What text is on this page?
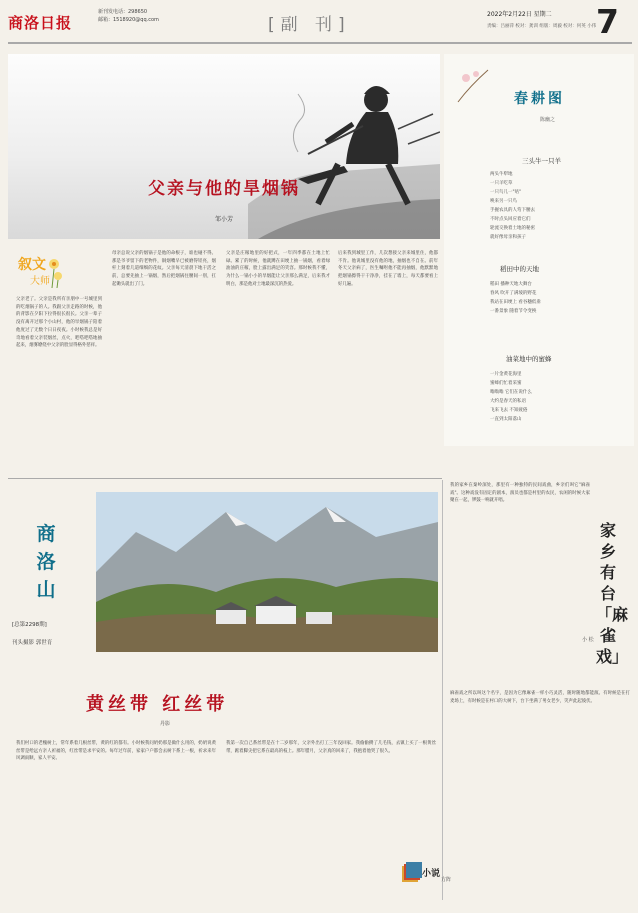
商洛日报
新刊发电话：298650
邮箱：1518920@qq.com	[副 刊]
2022年2月22日 星期二
责编：吕丽萍 校对：龚训 组版：周毅 校对：何英 小伟 7
父亲与他的旱烟锅
邹小芳
叙文
大师
父亲老了。父亲是我所有亲朋中一号城里到的吃烟锅子的人。我跟父亲走路的时候，他的背影在夕阳下拉得很长很长。父亲一辈子没有离开过那个小山村，他的旱烟锅子陪着他度过了无数个日日夜夜。小时候我总是好奇地看着父亲装烟丝，点火，吧嗒吧嗒地抽起来，烟雾缭绕中父亲的脸显得格外慈祥。
母亲总说父亲的烟锅子是他的命根子，谁也碰不得。那是爷爷留下的老物件，铜烟嘴早已被磨得锃亮，烟杆上刻着几道细细的花纹。父亲每天清晨下地干活之前，总要先抽上一锅烟，然后把烟锅往腰间一别，扛起锄头就出了门。
父亲是庄稼地里的好把式，一年四季都在土地上忙碌。累了的时候，他就蹲在田埂上抽一锅烟，看着绿油油的庄稼，脸上露出满足的笑容。那时候我不懂，为什么一锅小小的旱烟能让父亲那么满足，后来我才明白，那是他对土地最深沉的热爱。
后来我到城里工作，几次想接父亲来城里住，他都不肯。他说城里没有他的地，抽烟也不自在。前年冬天父亲病了，医生嘱咐他不能再抽烟，他默默地把烟锅擦得干干净净，挂在了墙上，每天都要看上好几遍。
春耕图
陈幽之
三头牛一只羊
两头牛犁地
一只羊吃草
一只鸟儿一"咕"
唤来另一只鸟
手握农具的人弯下腰去
不时点头回应着它们
轮流交换着土地的秘密
就好像母亲和孩子
稻田中的天地
稻田 播种天地大舞台
春风 吹开了满坡的野花
我站在田埂上 看谷穗低垂
一番景象 随着节令变换
油菜地中的蜜蜂
一片金黄花海里
蜜蜂们忙着采蜜
嗡嗡嗡 它们在说什么
大约是春天的私语
飞来飞去 不知疲倦
一直到太阳落山
商洛山
[总第2298期]
刊头摄影 郭世育
黄丝带 红丝带
丹影
我们村口的老槐树上，常年系着几根丝带，黄的红的都有。小时候我问奶奶那是做什么用的，奶奶说黄丝带是给远方亲人祈福的，红丝带是求平安的。每年过年前，家家户户都会去树下系上一根，祈求来年风调雨顺，家人平安。
我第一次自己系丝带是在十二岁那年，父亲外出打工三年没回家。我偷偷攒了几毛钱，去镇上买了一根黄丝带，踮着脚尖把它系在最高的枝上。那年腊月，父亲真的回来了，我抱着他哭了很久。
小说
方阵
我的家乡在秦岭深处，那里有一种独特的民间戏曲，乡亲们叫它"麻雀戏"。这种戏没有固定的剧本，演员也都是村里的农民，农闲的时候大家聚在一起，锣鼓一响就开唱。
家乡有台「麻雀戏」
小 松
麻雀戏之所以叫这个名字，是因为它像麻雀一样小巧灵活，随时随地都能演。有时候是在打麦场上，有时候是在村口的大树下，台下坐满了男女老少，笑声此起彼伏。
